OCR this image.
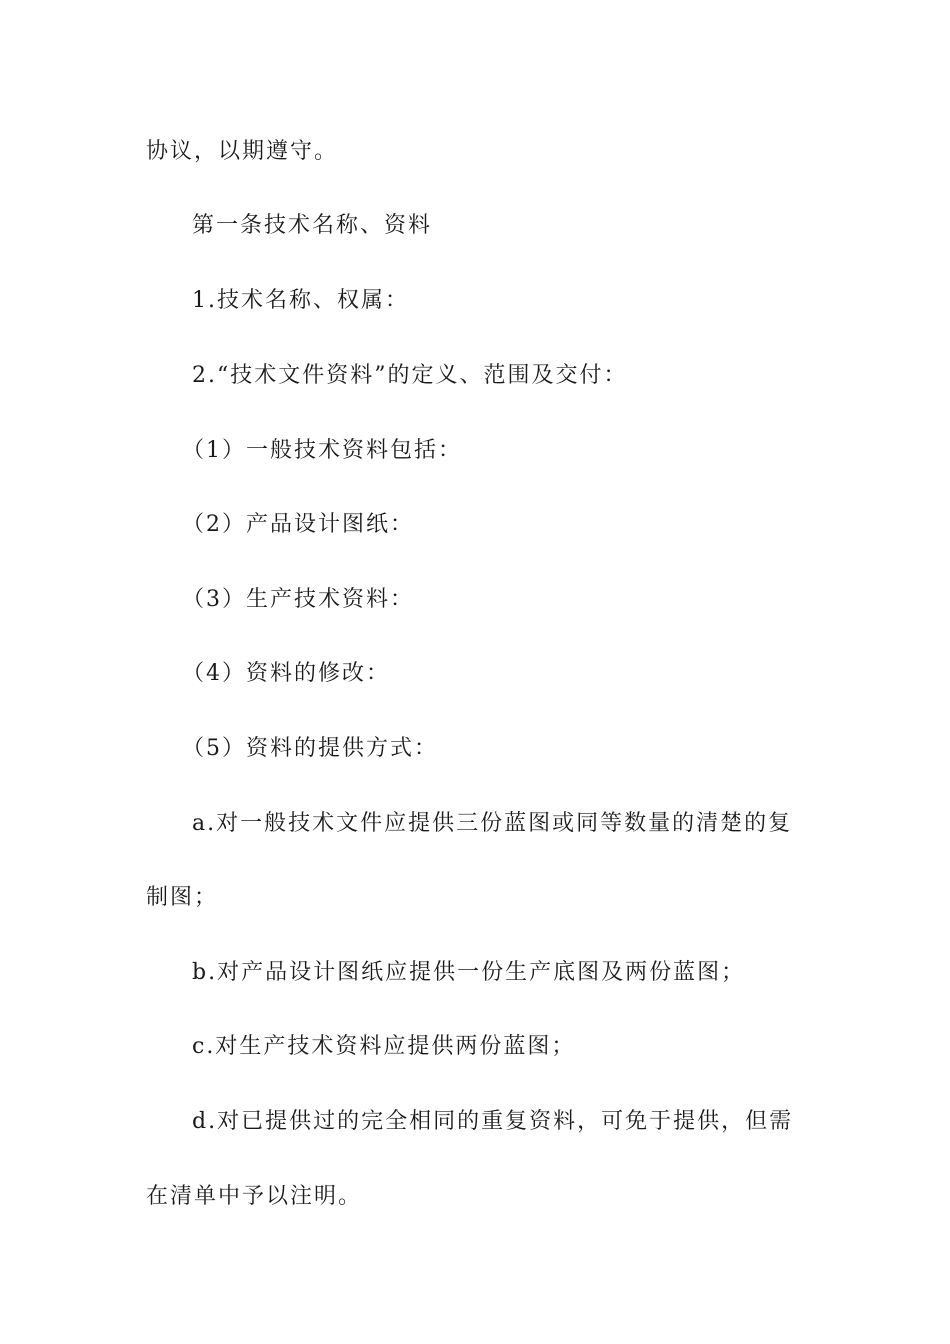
协议，以期遵守。
第一条技术名称、资料
1.技术名称、权属：
2.“技术文件资料”的定义、范围及交付：
（1）一般技术资料包括：
（2）产品设计图纸：
（3）生产技术资料：
（4）资料的修改：
（5）资料的提供方式：
a.对一般技术文件应提供三份蓝图或同等数量的清楚的复
制图；
b.对产品设计图纸应提供一份生产底图及两份蓝图；
c.对生产技术资料应提供两份蓝图；
d.对已提供过的完全相同的重复资料，可免于提供，但需
在清单中予以注明。
